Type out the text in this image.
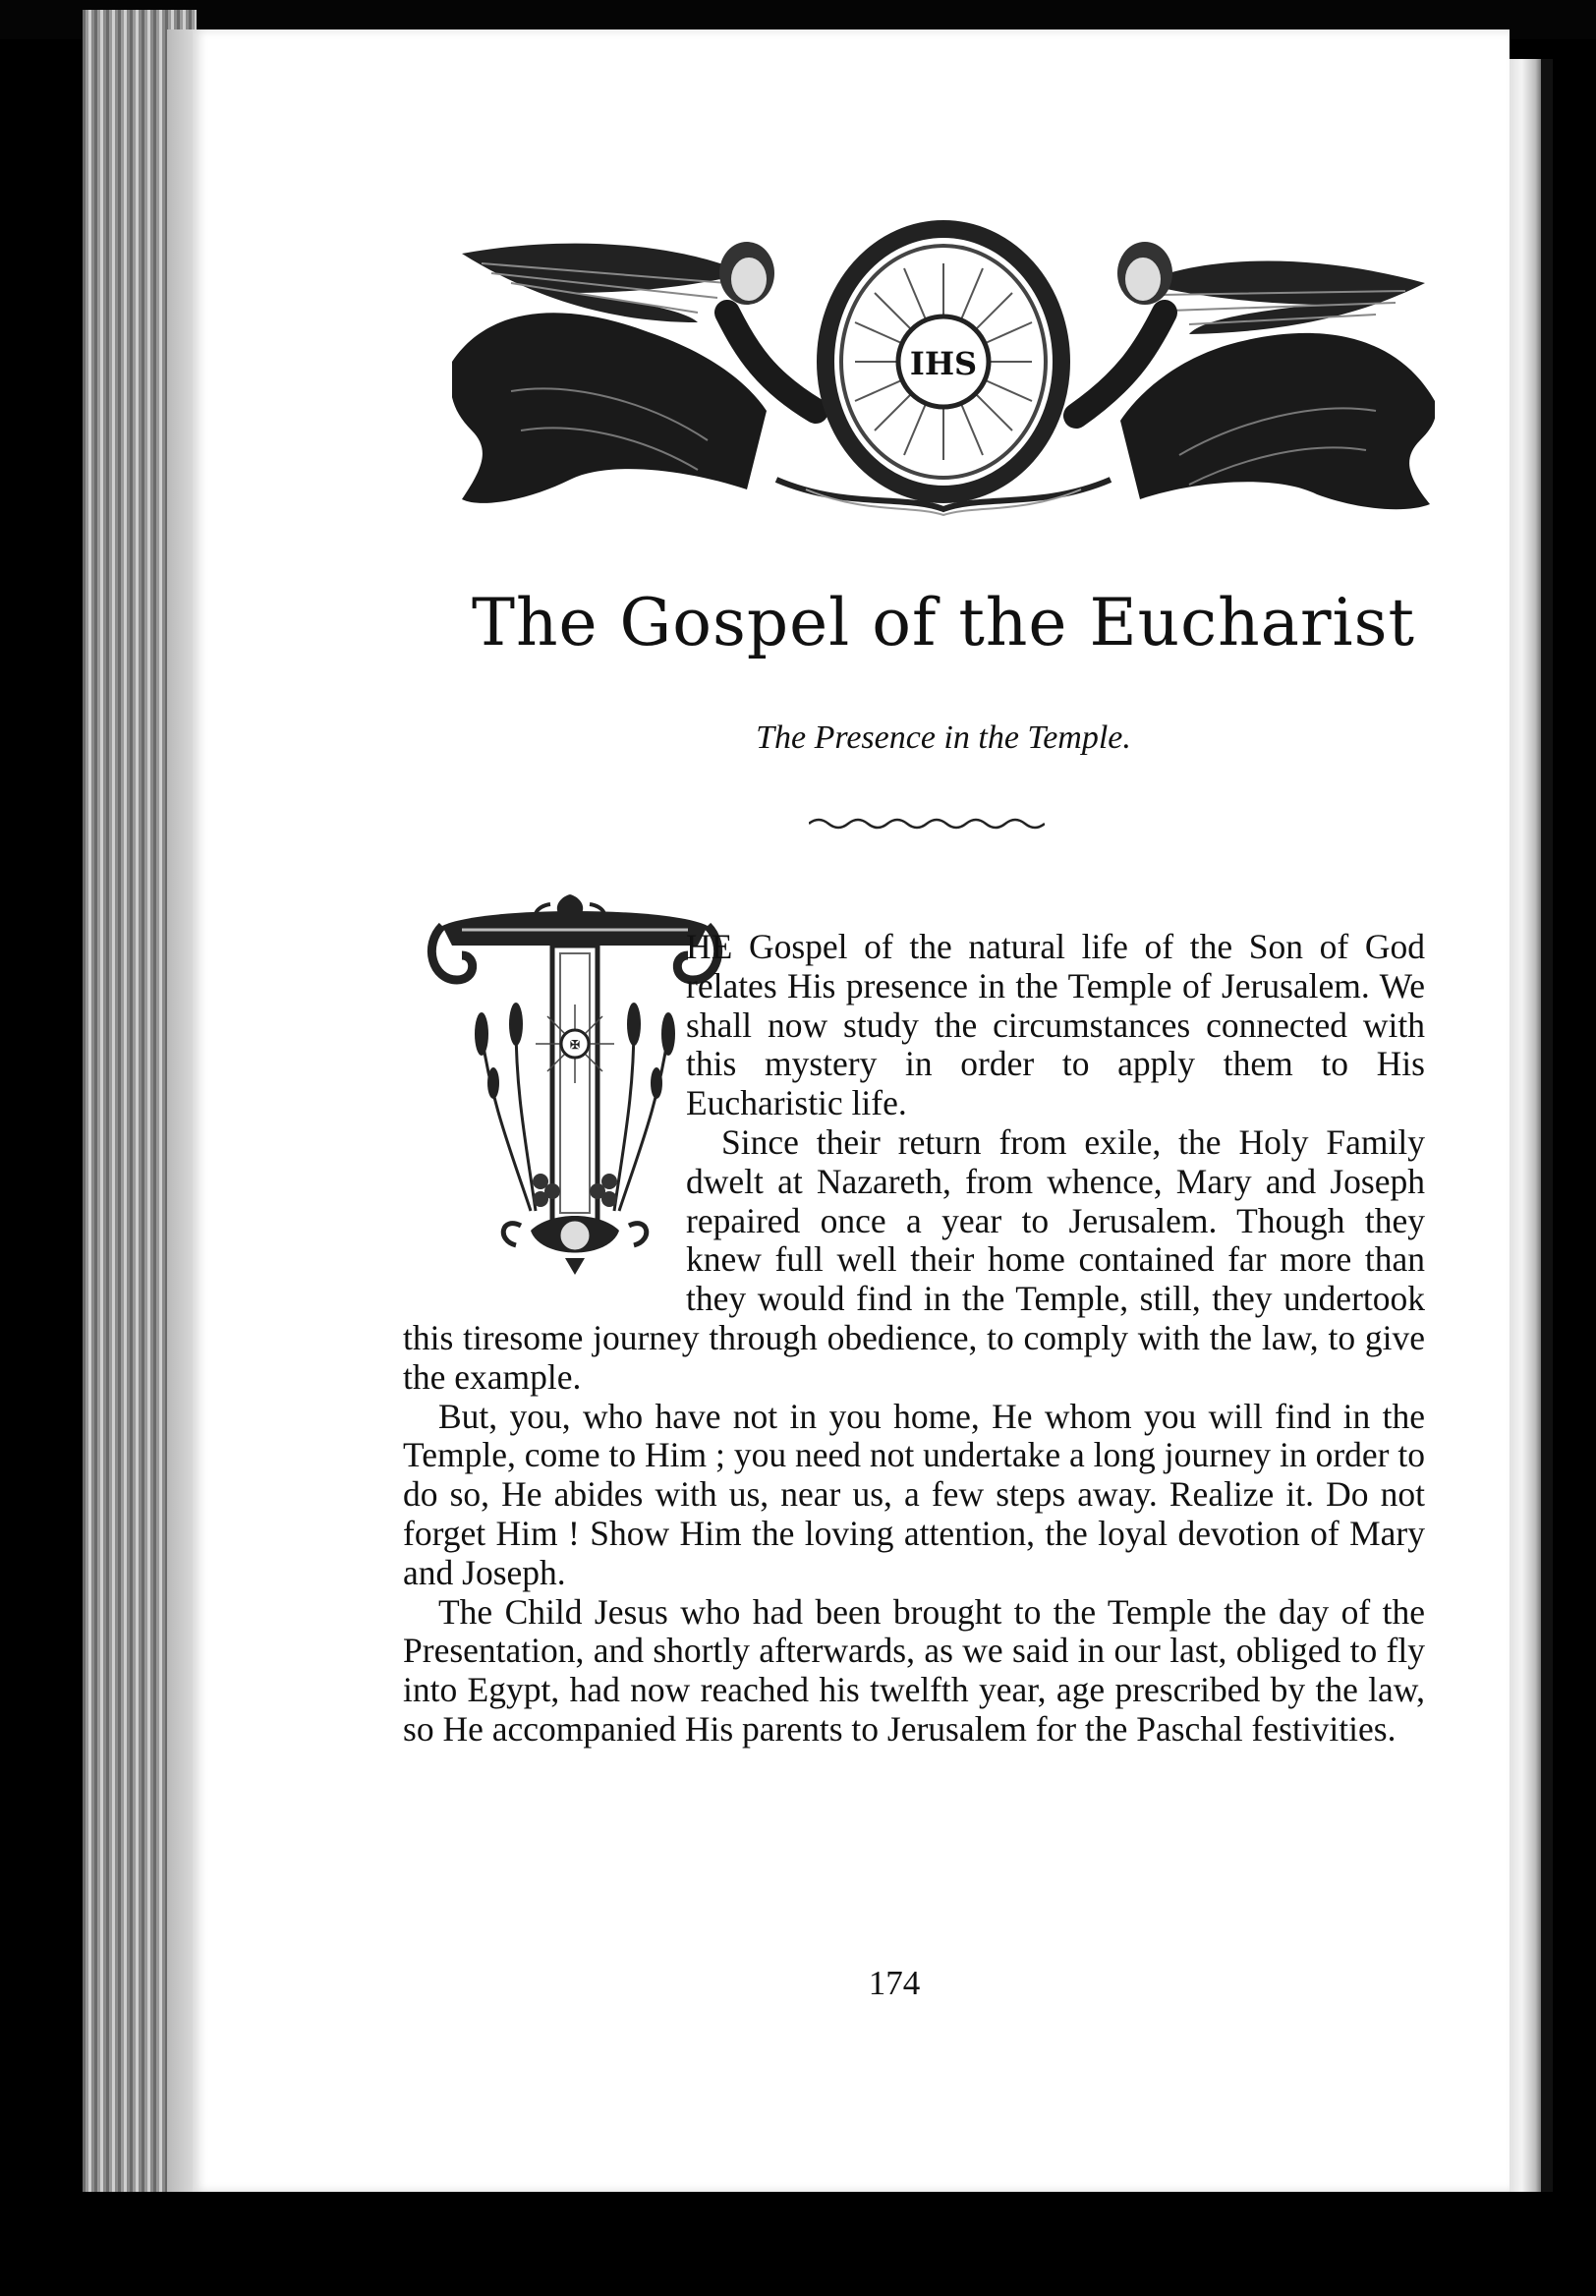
IHS
The Gospel of the Eucharist
The Presence in the Temple.
✠

HE Gospel of the natural life of the Son of God relates His presence in the Temple of Jerusalem. We shall now study the circumstances connected with this mystery in order to apply them to His Eucharistic life.

Since their return from exile, the Holy Family dwelt at Nazareth, from whence, Mary and Joseph repaired once a year to Jerusalem. Though they knew full well their home contained far more than they would find in the Temple, still, they undertook this tiresome journey through obedience, to comply with the law, to give the example.

But, you, who have not in you home, He whom you will find in the Temple, come to Him ; you need not undertake a long journey in order to do so, He abides with us, near us, a few steps away. Realize it. Do not forget Him ! Show Him the loving attention, the loyal devotion of Mary and Joseph.

The Child Jesus who had been brought to the Temple the day of the Presentation, and shortly afterwards, as we said in our last, obliged to fly into Egypt, had now reached his twelfth year, age prescribed by the law, so He accompanied His parents to Jerusalem for the Paschal festivities.

174
